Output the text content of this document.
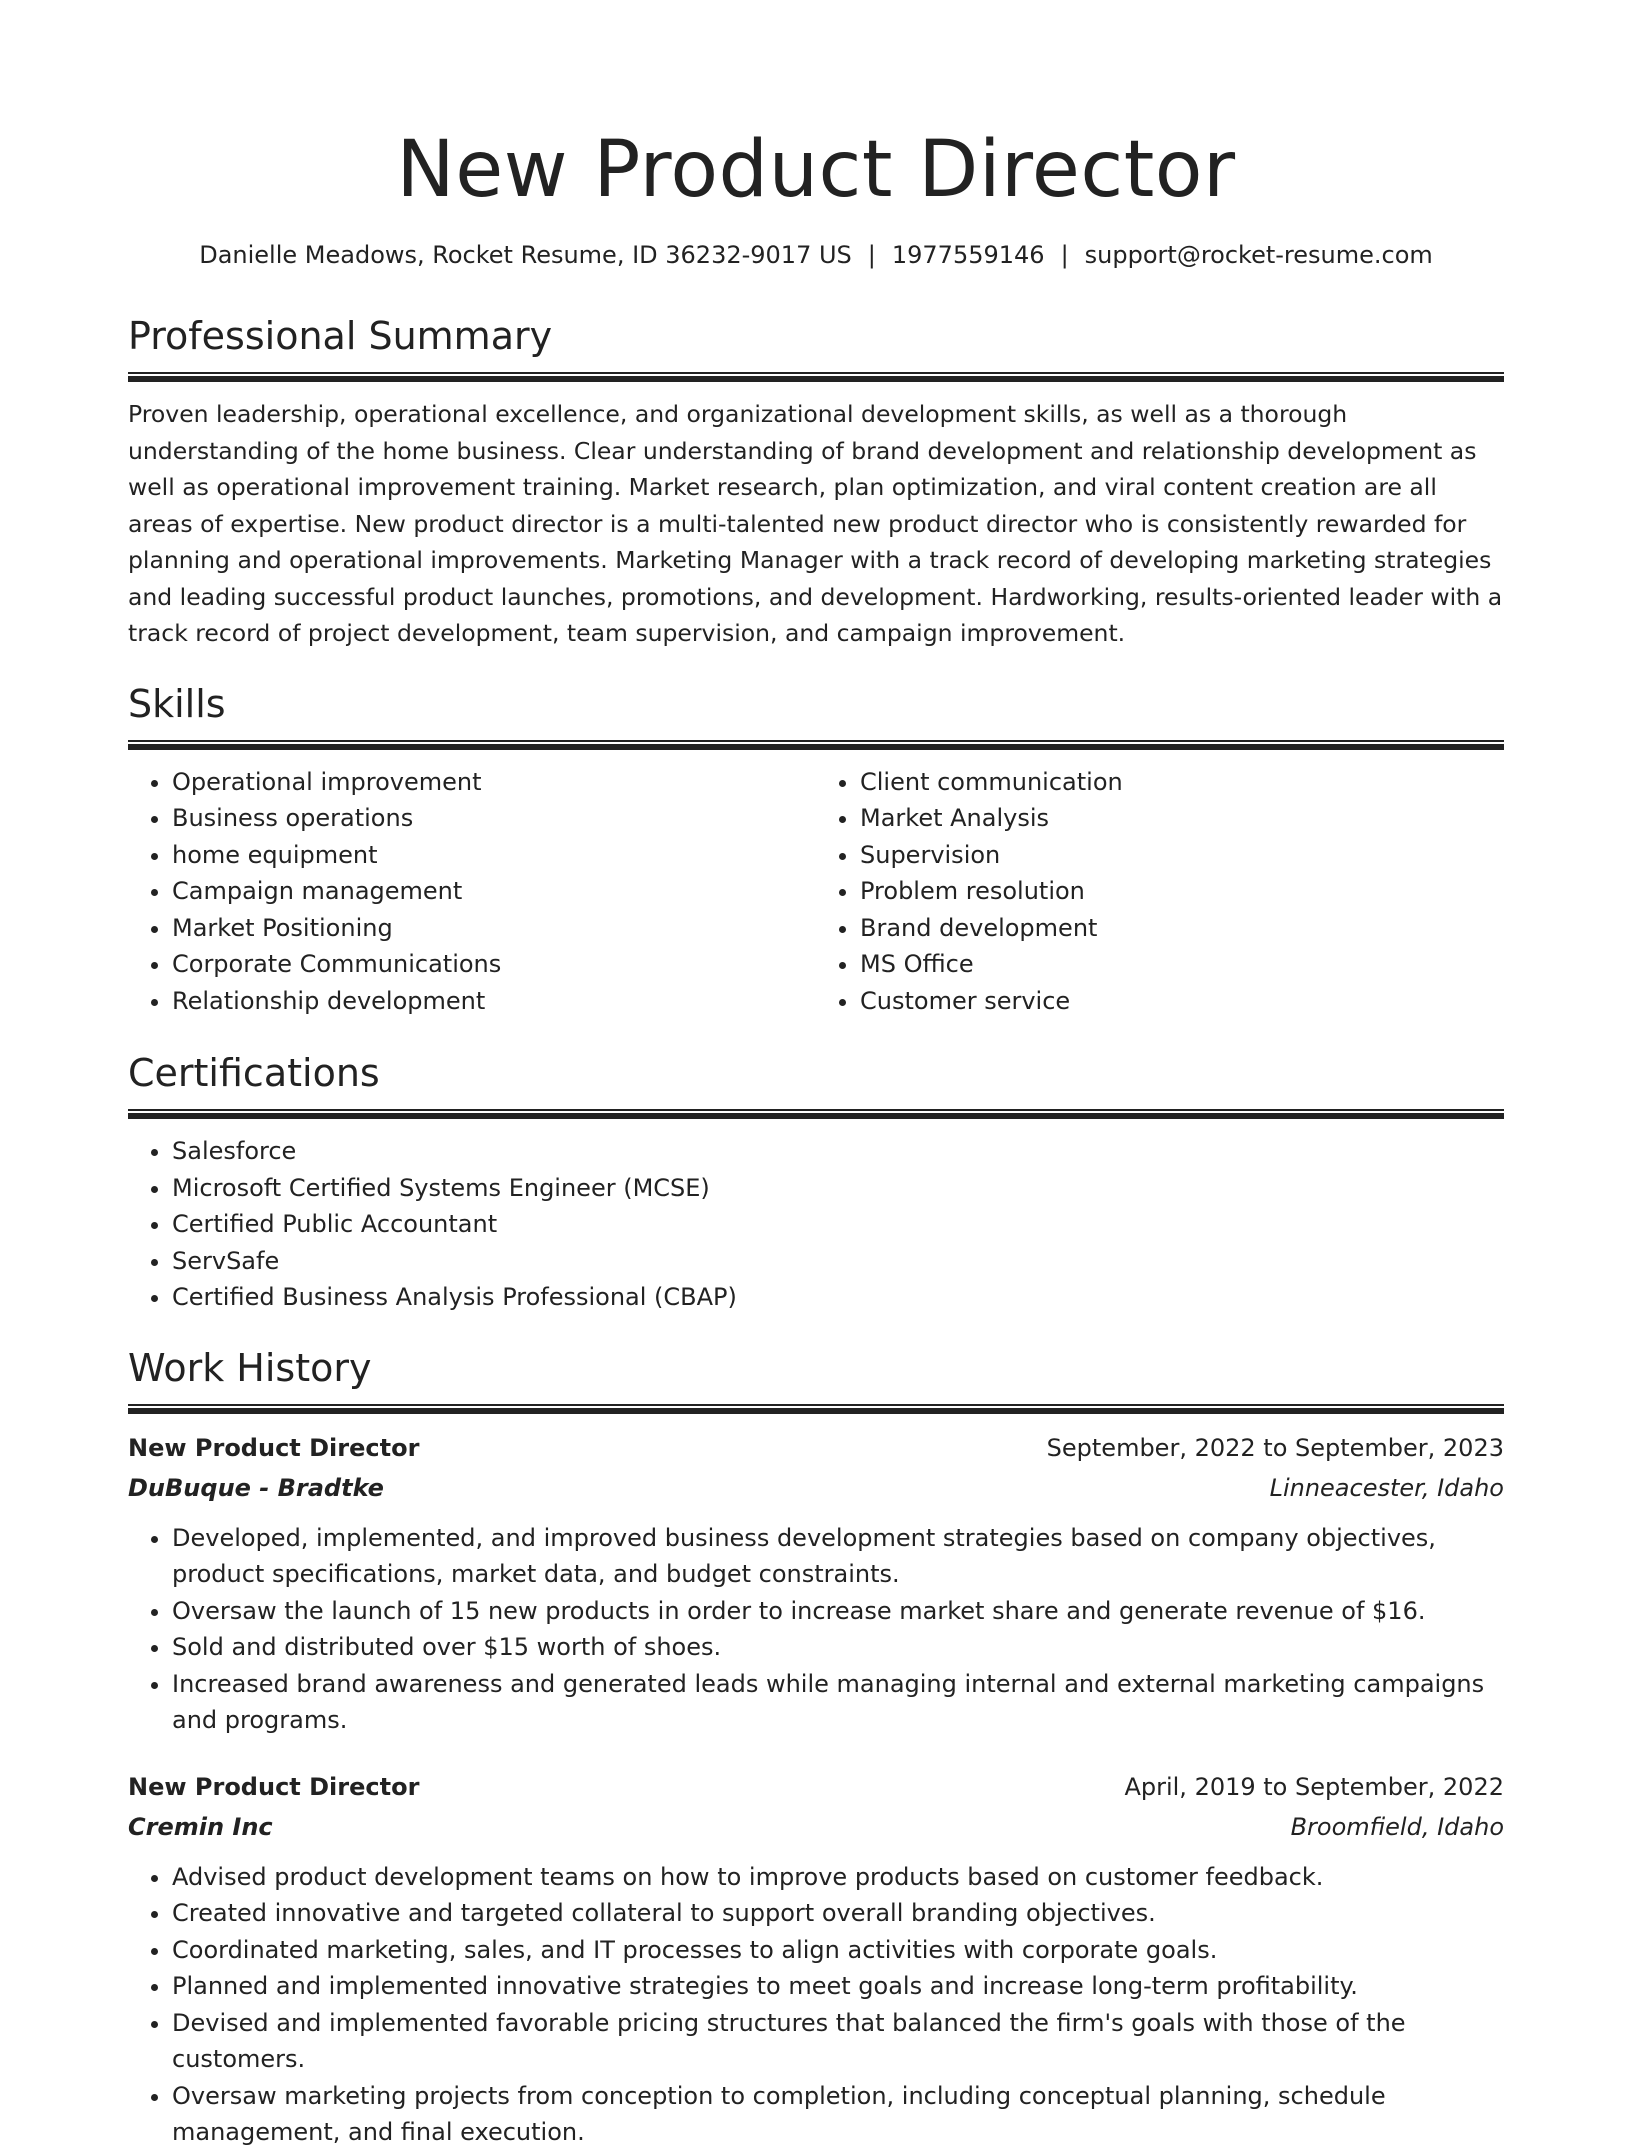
New Product Director
Danielle Meadows, Rocket Resume, ID 36232-9017 US | 1977559146 | support@rocket-resume.com
Professional Summary

Proven leadership, operational excellence, and organizational development skills, as well as a thorough understanding of the home business. Clear understanding of brand development and relationship development as well as operational improvement training. Market research, plan optimization, and viral content creation are all areas of expertise. New product director is a multi-talented new product director who is consistently rewarded for planning and operational improvements. Marketing Manager with a track record of developing marketing strategies and leading successful product launches, promotions, and development. Hardworking, results-oriented leader with a track record of project development, team supervision, and campaign improvement.

Skills
• Operational improvement
• Business operations
• home equipment
• Campaign management
• Market Positioning
• Corporate Communications
• Relationship development
• Client communication
• Market Analysis
• Supervision
• Problem resolution
• Brand development
• MS Office
• Customer service
Certifications
• Salesforce
• Microsoft Certified Systems Engineer (MCSE)
• Certified Public Accountant
• ServSafe
• Certified Business Analysis Professional (CBAP)
Work History
New Product Director	September, 2022 to September, 2023
DuBuque - Bradtke	Linneacester, Idaho
• Developed, implemented, and improved business development strategies based on company objectives, product specifications, market data, and budget constraints.
• Oversaw the launch of 15 new products in order to increase market share and generate revenue of $16.
• Sold and distributed over $15 worth of shoes.
• Increased brand awareness and generated leads while managing internal and external marketing campaigns and programs.
New Product Director	April, 2019 to September, 2022
Cremin Inc	Broomfield, Idaho
• Advised product development teams on how to improve products based on customer feedback.
• Created innovative and targeted collateral to support overall branding objectives.
• Coordinated marketing, sales, and IT processes to align activities with corporate goals.
• Planned and implemented innovative strategies to meet goals and increase long-term profitability.
• Devised and implemented favorable pricing structures that balanced the firm's goals with those of the customers.
• Oversaw marketing projects from conception to completion, including conceptual planning, schedule management, and final execution.
